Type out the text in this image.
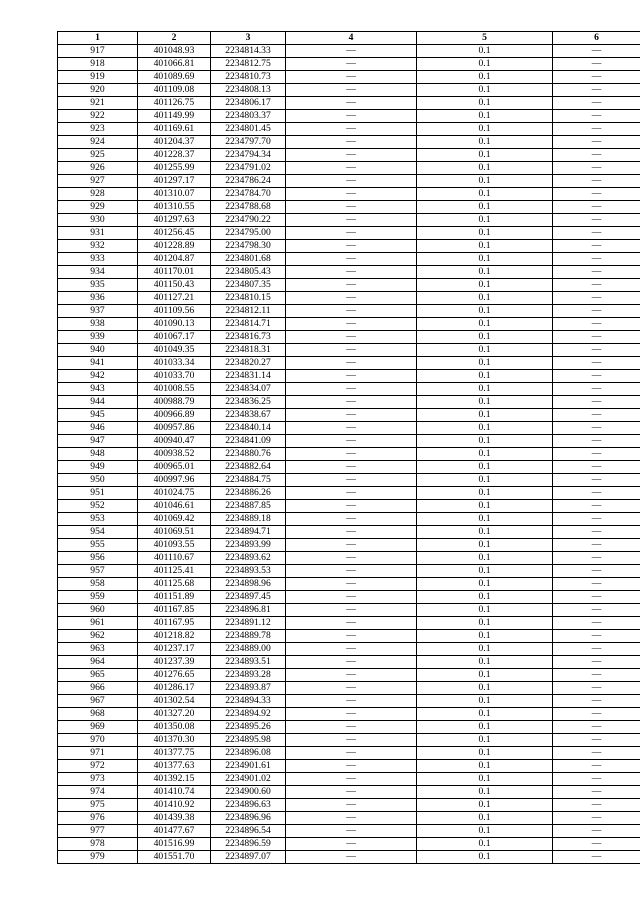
1	2	3	4	5	6
917	401048.93	2234814.33	—	0.1	—
918	401066.81	2234812.75	—	0.1	—
919	401089.69	2234810.73	—	0.1	—
920	401109.08	2234808.13	—	0.1	—
921	401126.75	2234806.17	—	0.1	—
922	401149.99	2234803.37	—	0.1	—
923	401169.61	2234801.45	—	0.1	—
924	401204.37	2234797.70	—	0.1	—
925	401228.37	2234794.34	—	0.1	—
926	401255.99	2234791.02	—	0.1	—
927	401297.17	2234786.24	—	0.1	—
928	401310.07	2234784.70	—	0.1	—
929	401310.55	2234788.68	—	0.1	—
930	401297.63	2234790.22	—	0.1	—
931	401256.45	2234795.00	—	0.1	—
932	401228.89	2234798.30	—	0.1	—
933	401204.87	2234801.68	—	0.1	—
934	401170.01	2234805.43	—	0.1	—
935	401150.43	2234807.35	—	0.1	—
936	401127.21	2234810.15	—	0.1	—
937	401109.56	2234812.11	—	0.1	—
938	401090.13	2234814.71	—	0.1	—
939	401067.17	2234816.73	—	0.1	—
940	401049.35	2234818.31	—	0.1	—
941	401033.34	2234820.27	—	0.1	—
942	401033.70	2234831.14	—	0.1	—
943	401008.55	2234834.07	—	0.1	—
944	400988.79	2234836.25	—	0.1	—
945	400966.89	2234838.67	—	0.1	—
946	400957.86	2234840.14	—	0.1	—
947	400940.47	2234841.09	—	0.1	—
948	400938.52	2234880.76	—	0.1	—
949	400965.01	2234882.64	—	0.1	—
950	400997.96	2234884.75	—	0.1	—
951	401024.75	2234886.26	—	0.1	—
952	401046.61	2234887.85	—	0.1	—
953	401069.42	2234889.18	—	0.1	—
954	401069.51	2234894.71	—	0.1	—
955	401093.55	2234893.99	—	0.1	—
956	401110.67	2234893.62	—	0.1	—
957	401125.41	2234893.53	—	0.1	—
958	401125.68	2234898.96	—	0.1	—
959	401151.89	2234897.45	—	0.1	—
960	401167.85	2234896.81	—	0.1	—
961	401167.95	2234891.12	—	0.1	—
962	401218.82	2234889.78	—	0.1	—
963	401237.17	2234889.00	—	0.1	—
964	401237.39	2234893.51	—	0.1	—
965	401276.65	2234893.28	—	0.1	—
966	401286.17	2234893.87	—	0.1	—
967	401302.54	2234894.33	—	0.1	—
968	401327.20	2234894.92	—	0.1	—
969	401350.08	2234895.26	—	0.1	—
970	401370.30	2234895.98	—	0.1	—
971	401377.75	2234896.08	—	0.1	—
972	401377.63	2234901.61	—	0.1	—
973	401392.15	2234901.02	—	0.1	—
974	401410.74	2234900.60	—	0.1	—
975	401410.92	2234896.63	—	0.1	—
976	401439.38	2234896.96	—	0.1	—
977	401477.67	2234896.54	—	0.1	—
978	401516.99	2234896.59	—	0.1	—
979	401551.70	2234897.07	—	0.1	—
